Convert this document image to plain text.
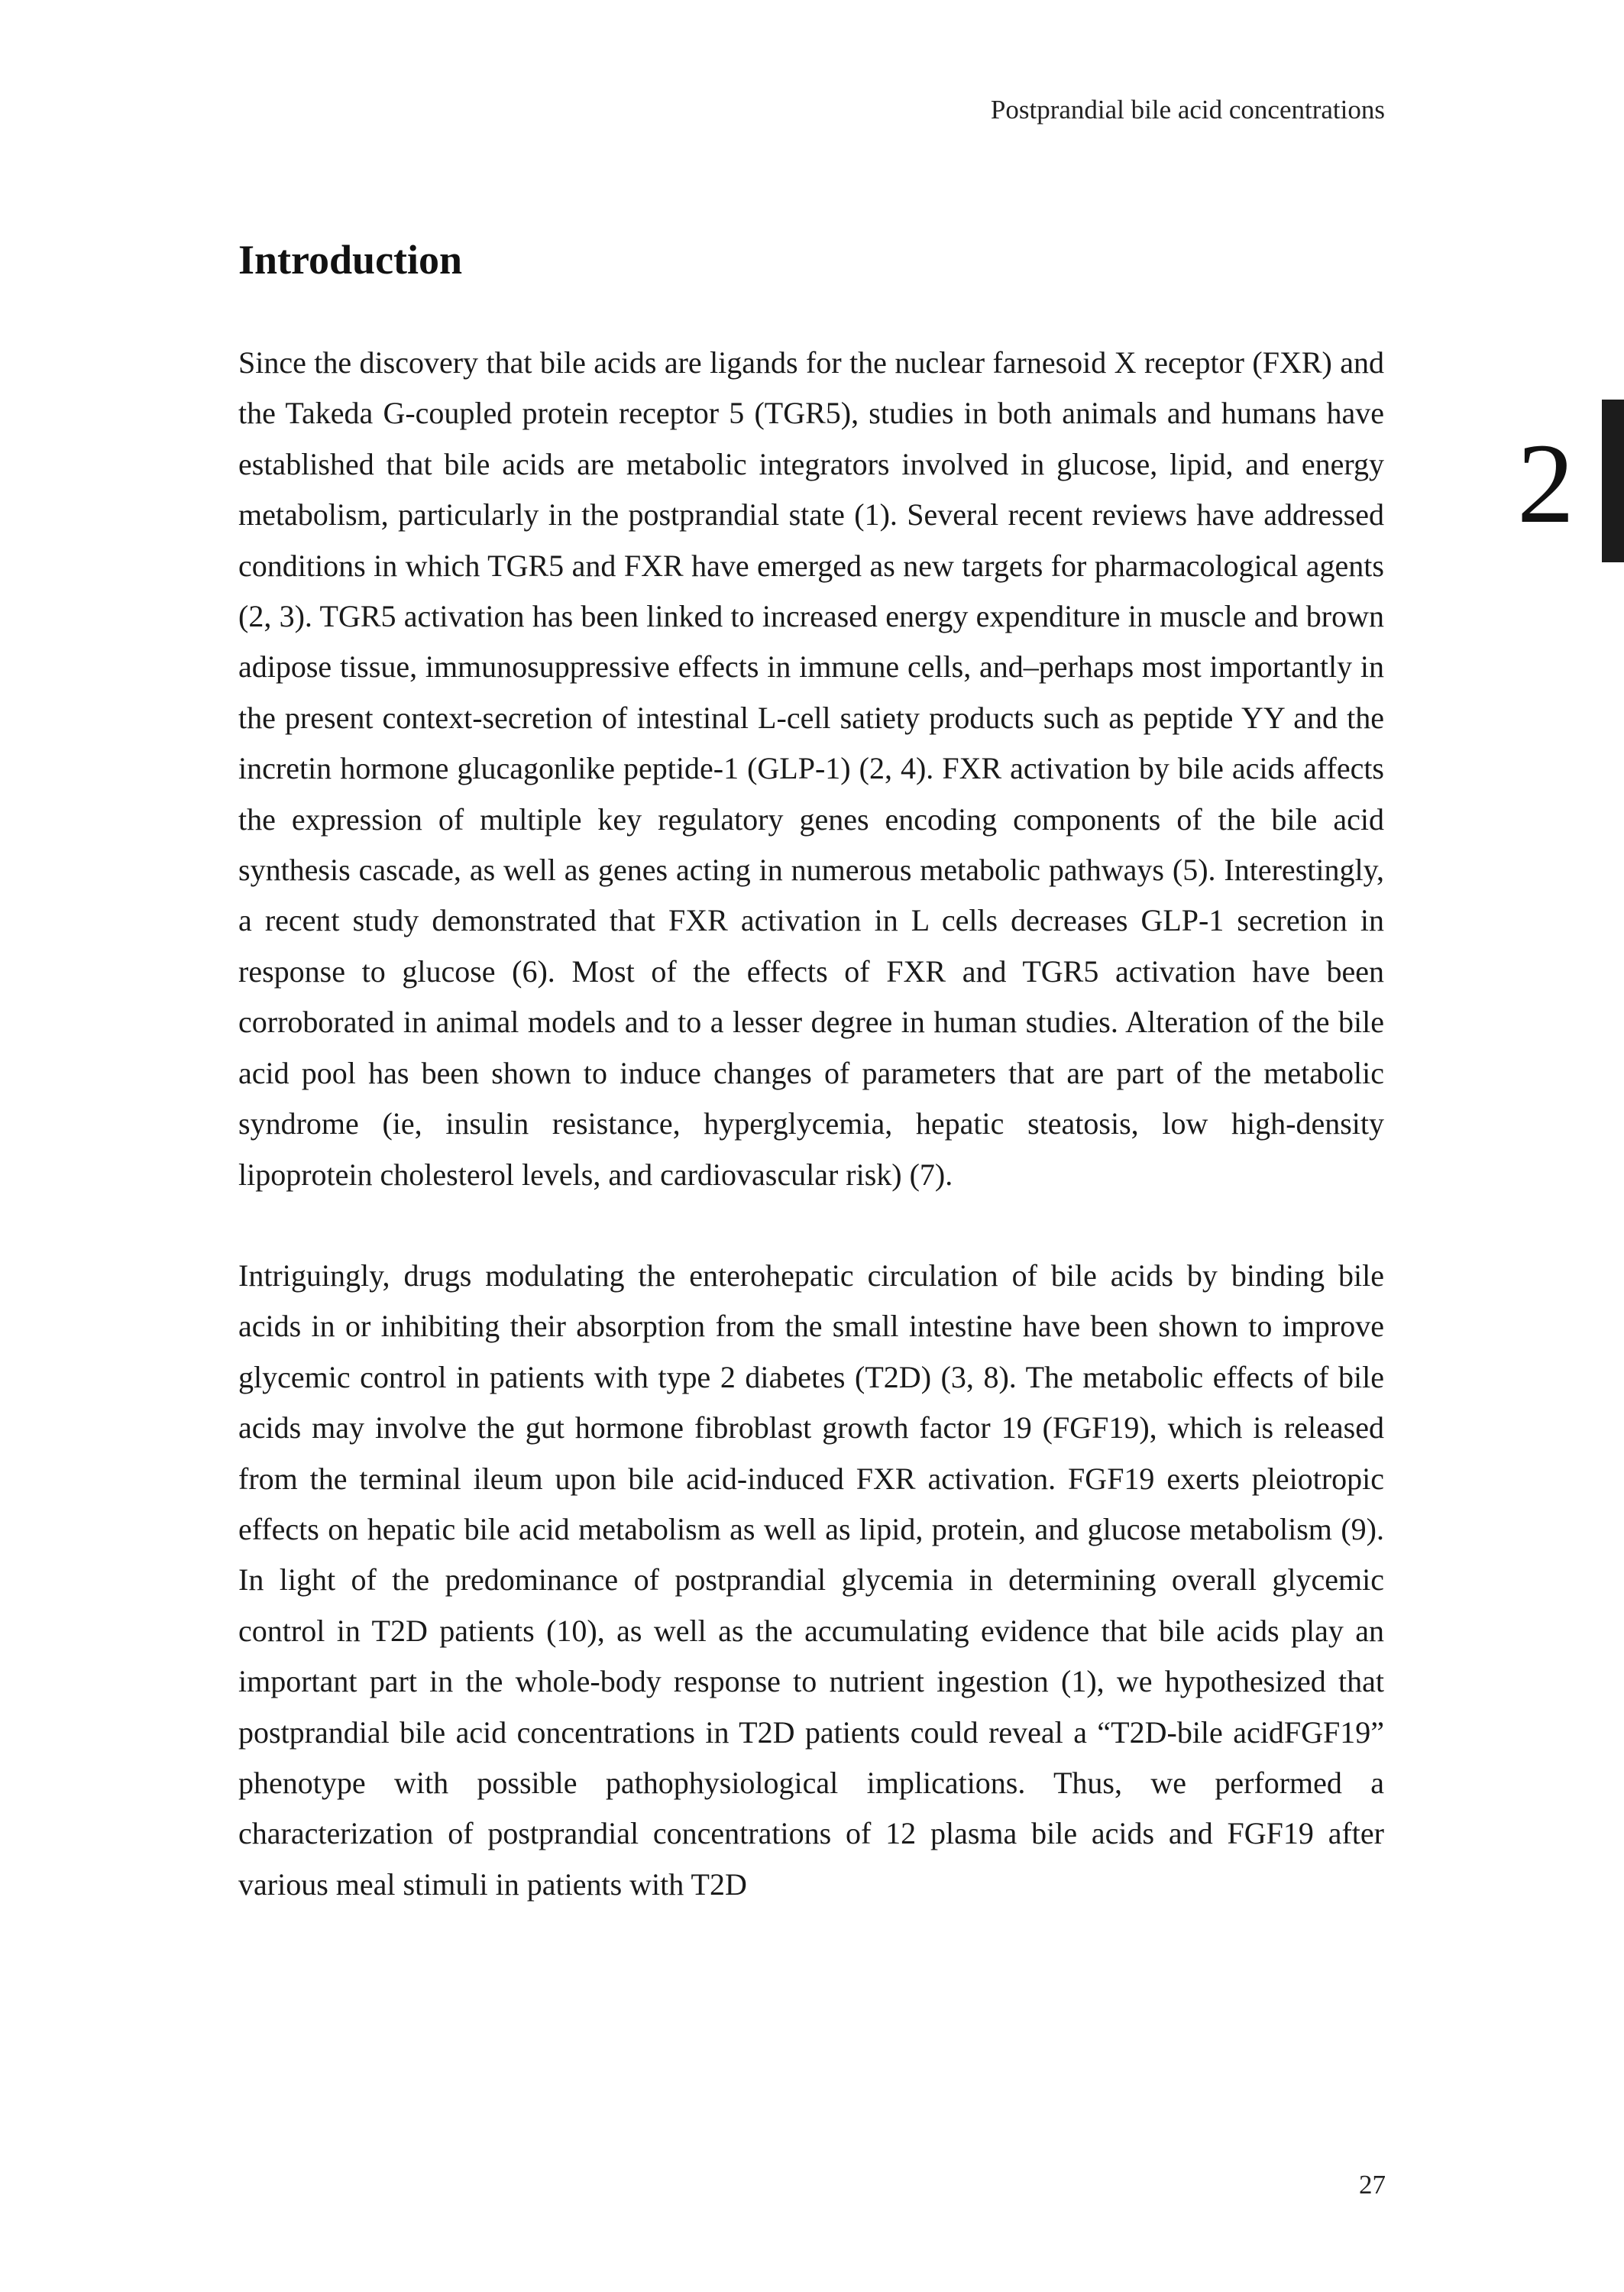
Postprandial bile acid concentrations
Introduction

Since the discovery that bile acids are ligands for the nuclear farnesoid X receptor (FXR) and the Takeda G-coupled protein receptor 5 (TGR5), studies in both animals and humans have established that bile acids are metabolic integrators involved in glucose, lipid, and energy metabolism, particularly in the postprandial state (1). Several recent reviews have addressed conditions in which TGR5 and FXR have emerged as new targets for pharmacological agents (2, 3). TGR5 activation has been linked to increased energy expenditure in muscle and brown adipose tissue, immunosuppressive effects in immune cells, and–perhaps most importantly in the present context-secretion of intestinal L-cell satiety products such as peptide YY and the incretin hormone glucagonlike peptide-1 (GLP-1) (2, 4). FXR activation by bile acids affects the expression of multiple key regulatory genes encoding components of the bile acid synthesis cascade, as well as genes acting in numerous metabolic pathways (5). Interestingly, a recent study demonstrated that FXR activation in L cells decreases GLP-1 secretion in response to glucose (6). Most of the effects of FXR and TGR5 activation have been corroborated in animal models and to a lesser degree in human studies. Alteration of the bile acid pool has been shown to induce changes of parameters that are part of the metabolic syndrome (ie, insulin resistance, hyperglycemia, hepatic steatosis, low high-density lipoprotein cholesterol levels, and cardiovascular risk) (7).

Intriguingly, drugs modulating the enterohepatic circulation of bile acids by binding bile acids in or inhibiting their absorption from the small intestine have been shown to improve glycemic control in patients with type 2 diabetes (T2D) (3, 8). The metabolic effects of bile acids may involve the gut hormone fibroblast growth factor 19 (FGF19), which is released from the terminal ileum upon bile acid-induced FXR activation. FGF19 exerts pleiotropic effects on hepatic bile acid metabolism as well as lipid, protein, and glucose metabolism (9). In light of the predominance of postprandial glycemia in determining overall glycemic control in T2D patients (10), as well as the accumulating evidence that bile acids play an important part in the whole-body response to nutrient ingestion (1), we hypothesized that postprandial bile acid concentrations in T2D patients could reveal a “T2D-bile acidFGF19” phenotype with possible pathophysiological implications. Thus, we performed a characterization of postprandial concentrations of 12 plasma bile acids and FGF19 after various meal stimuli in patients with T2D

2
27
